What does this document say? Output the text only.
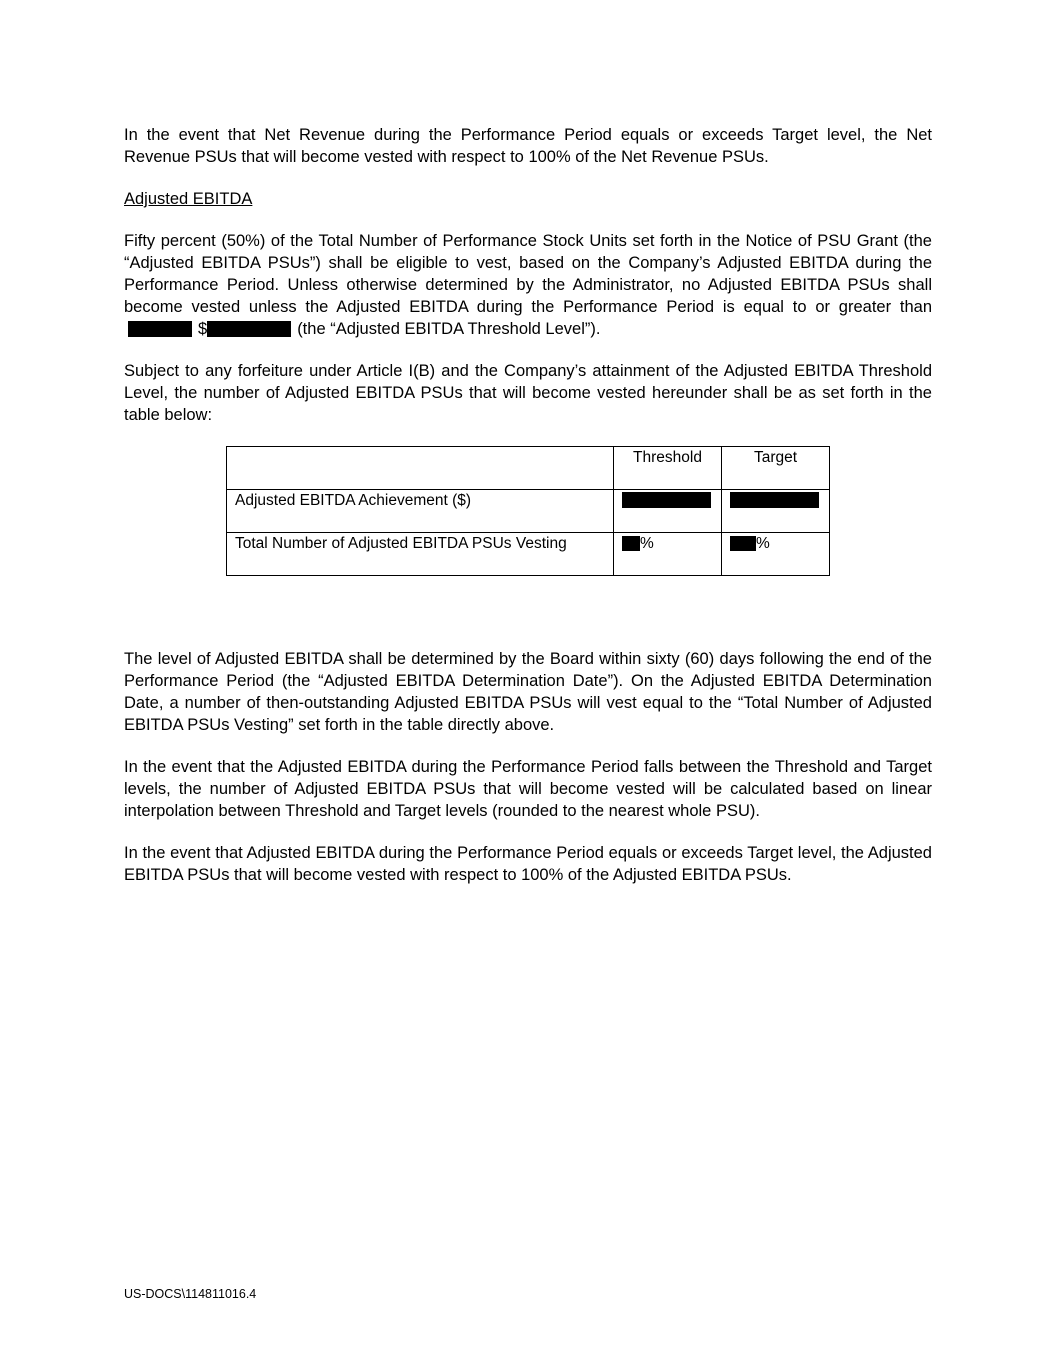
In the event that Net Revenue during the Performance Period equals or exceeds Target level, the Net Revenue PSUs that will become vested with respect to 100% of the Net Revenue PSUs.

Adjusted EBITDA

Fifty percent (50%) of the Total Number of Performance Stock Units set forth in the Notice of PSU Grant (the “Adjusted EBITDA PSUs”) shall be eligible to vest, based on the Company’s Adjusted EBITDA during the Performance Period. Unless otherwise determined by the Administrator, no Adjusted EBITDA PSUs shall become vested unless the Adjusted EBITDA during the Performance Period is equal to or greater than$	(the “Adjusted EBITDA Threshold Level”).

Subject to any forfeiture under Article I(B) and the Company’s attainment of the Adjusted EBITDA Threshold Level, the number of Adjusted EBITDA PSUs that will become vested hereunder shall be as set forth in the table below:

The level of Adjusted EBITDA shall be determined by the Board within sixty (60) days following the end of the Performance Period (the “Adjusted EBITDA Determination Date”). On the Adjusted EBITDA Determination Date, a number of then-outstanding Adjusted EBITDA PSUs will vest equal to the “Total Number of Adjusted EBITDA PSUs Vesting” set forth in the table directly above.

In the event that the Adjusted EBITDA during the Performance Period falls between the Threshold and Target levels, the number of Adjusted EBITDA PSUs that will become vested will be calculated based on linear interpolation between Threshold and Target levels (rounded to the nearest whole PSU).

In the event that Adjusted EBITDA during the Performance Period equals or exceeds Target level, the Adjusted EBITDA PSUs that will become vested with respect to 100% of the Adjusted EBITDA PSUs.

	Threshold	Target
Adjusted EBITDA Achievement ($)		
Total Number of Adjusted EBITDA PSUs Vesting	%	%
US-DOCS\114811016.4
